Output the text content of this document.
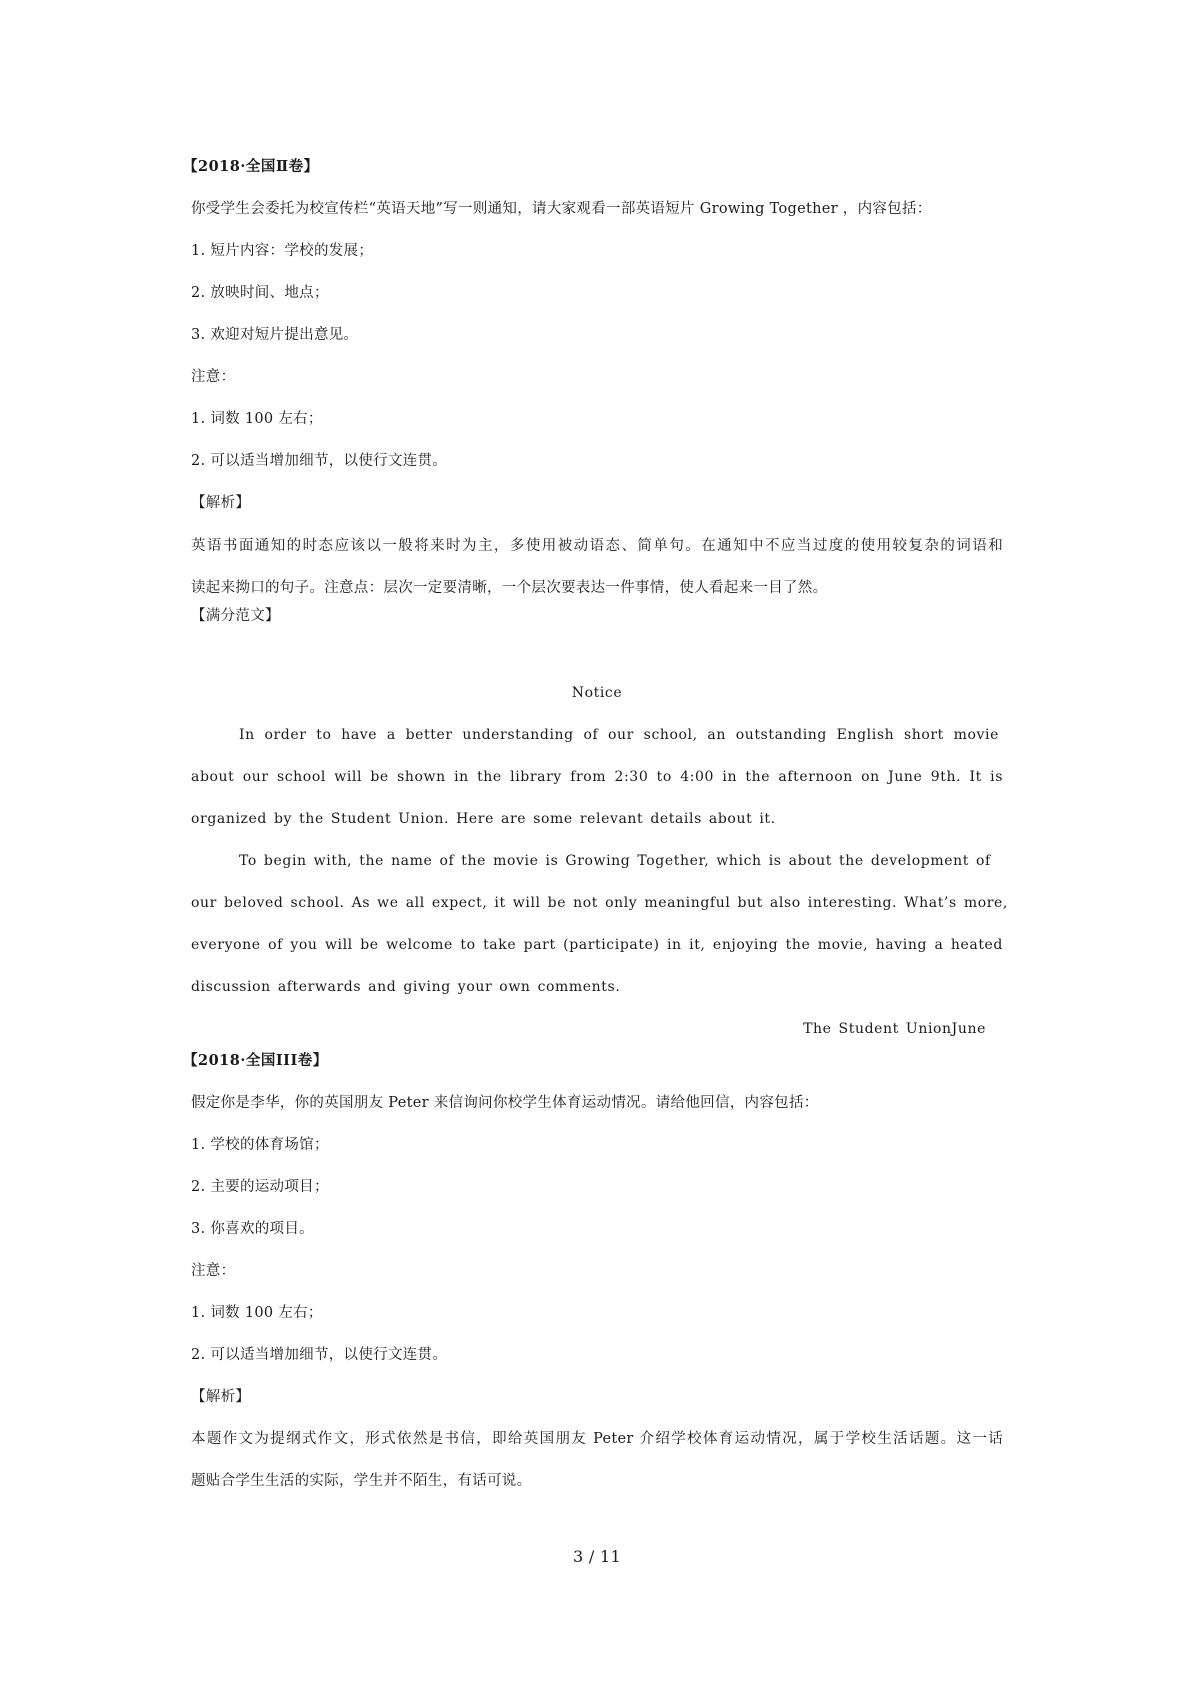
【2018·全国Ⅱ卷】
你受学生会委托为校宣传栏“英语天地”写一则通知，请大家观看一部英语短片 Growing Together ，内容包括：
1. 短片内容：学校的发展；
2. 放映时间、地点；
3. 欢迎对短片提出意见。
注意：
1. 词数 100 左右；
2. 可以适当增加细节，以使行文连贯。
【解析】
英语书面通知的时态应该以一般将来时为主，多使用被动语态、简单句。在通知中不应当过度的使用较复杂的词语和
读起来拗口的句子。注意点：层次一定要清晰，一个层次要表达一件事情，使人看起来一目了然。
【满分范文】
Notice
In order to have a better understanding of our school, an outstanding English short movie
about our school will be shown in the library from 2:30 to 4:00 in the afternoon on June 9th. It is
organized by the Student Union. Here are some relevant details about it.
To begin with, the name of the movie is Growing Together, which is about the development of
our beloved school. As we all expect, it will be not only meaningful but also interesting. What’s more,
everyone of you will be welcome to take part (participate) in it, enjoying the movie, having a heated
discussion afterwards and giving your own comments.
The Student UnionJune
【2018·全国III卷】
假定你是李华，你的英国朋友 Peter 来信询问你校学生体育运动情况。请给他回信，内容包括：
1. 学校的体育场馆；
2. 主要的运动项目；
3. 你喜欢的项目。
注意：
1. 词数 100 左右；
2. 可以适当增加细节，以使行文连贯。
【解析】
本题作文为提纲式作文，形式依然是书信，即给英国朋友 Peter 介绍学校体育运动情况，属于学校生活话题。这一话
题贴合学生生活的实际，学生并不陌生，有话可说。
3 / 11
